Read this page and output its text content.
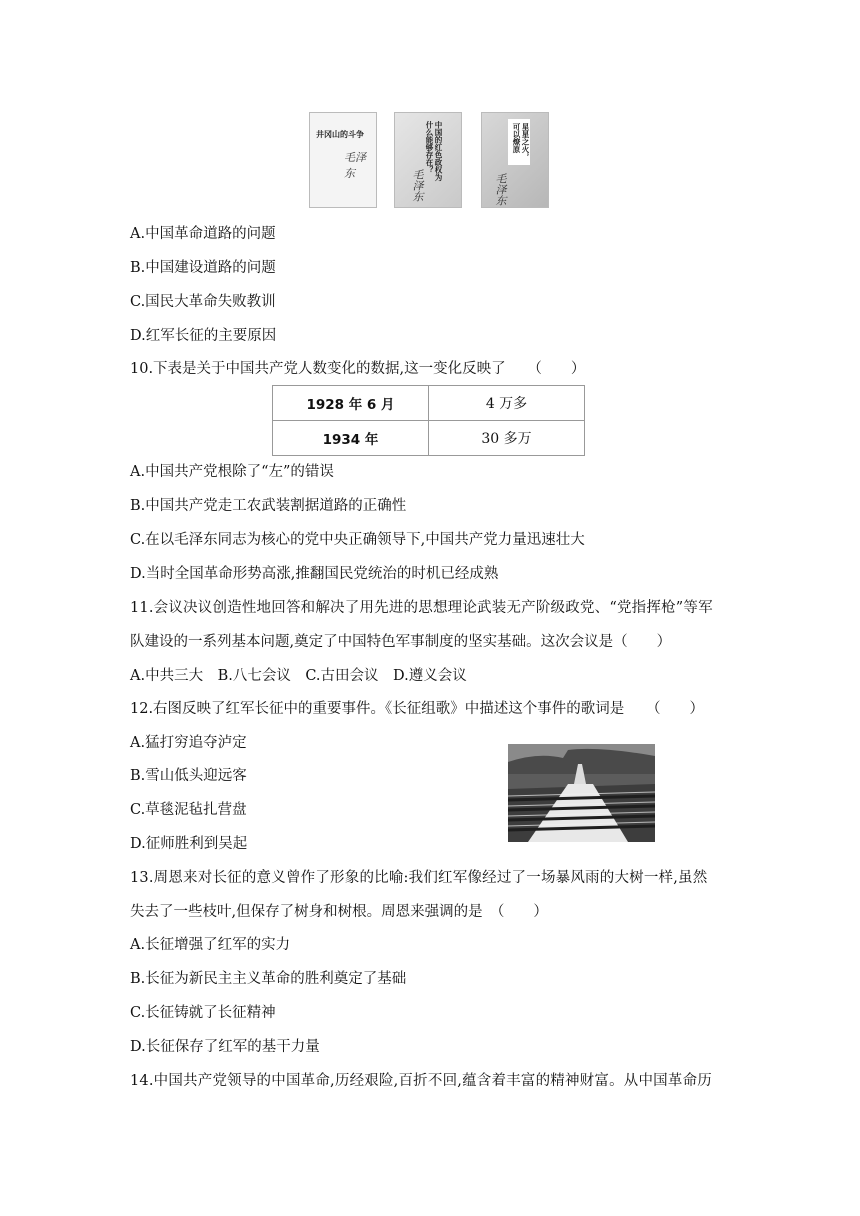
井冈山的斗争
毛泽东	中国的红色政权为什么能够存在？
毛泽东
星星之火，可以燎原
毛泽东
A.中国革命道路的问题
B.中国建设道路的问题
C.国民大革命失败教训
D.红军长征的主要原因
10.下表是关于中国共产党人数变化的数据,这一变化反映了　　（　　）
1928 年 6 月	4 万多
1934 年	30 多万
A.中国共产党根除了“左”的错误
B.中国共产党走工农武装割据道路的正确性
C.在以毛泽东同志为核心的党中央正确领导下,中国共产党力量迅速壮大
D.当时全国革命形势高涨,推翻国民党统治的时机已经成熟
11.会议决议创造性地回答和解决了用先进的思想理论武装无产阶级政党、“党指挥枪”等军
队建设的一系列基本问题,奠定了中国特色军事制度的坚实基础。这次会议是（　　）
A.中共三大　B.八七会议　C.古田会议　D.遵义会议
12.右图反映了红军长征中的重要事件。《长征组歌》中描述这个事件的歌词是　　（　　）
A.猛打穷追夺泸定
B.雪山低头迎远客
C.草毯泥毡扎营盘
D.征师胜利到吴起
13.周恩来对长征的意义曾作了形象的比喻:我们红军像经过了一场暴风雨的大树一样,虽然
失去了一些枝叶,但保存了树身和树根。周恩来强调的是　（　　）
A.长征增强了红军的实力
B.长征为新民主主义革命的胜利奠定了基础
C.长征铸就了长征精神
D.长征保存了红军的基干力量
14.中国共产党领导的中国革命,历经艰险,百折不回,蕴含着丰富的精神财富。从中国革命历
